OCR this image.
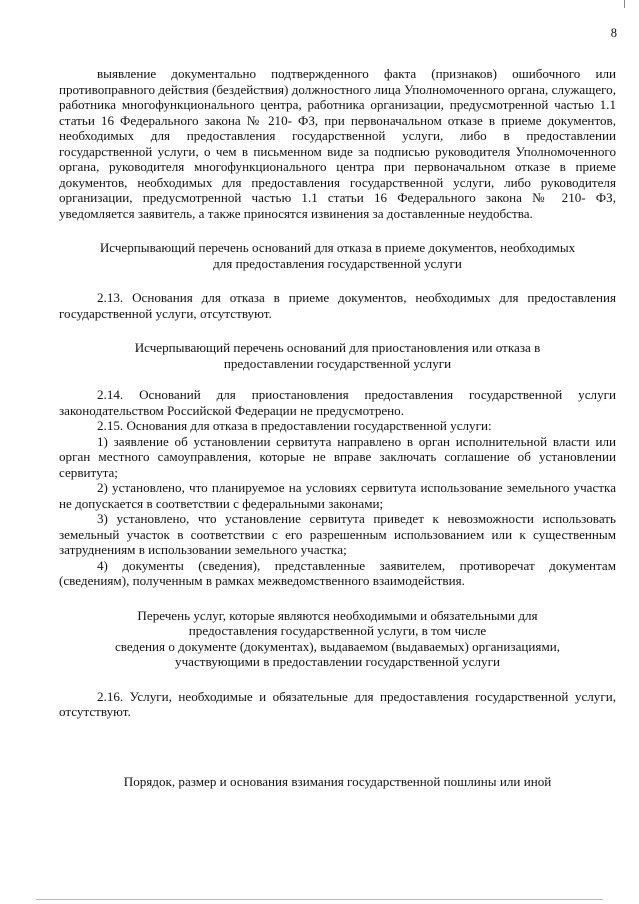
8

выявление документально подтвержденного факта (признаков) ошибочного или противоправного действия (бездействия) должностного лица Уполномоченного органа, служащего, работника многофункционального центра, работника организации, предусмотренной частью 1.1 статьи 16 Федерального закона № 210- ФЗ, при первоначальном отказе в приеме документов, необходимых для предоставления государственной услуги, либо в предоставлении государственной услуги, о чем в письменном виде за подписью руководителя Уполномоченного органа, руководителя многофункционального центра при первоначальном отказе в приеме документов, необходимых для предоставления государственной услуги, либо руководителя организации, предусмотренной частью 1.1 статьи 16 Федерального закона № 210- ФЗ, уведомляется заявитель, а также приносятся извинения за доставленные неудобства.

Исчерпывающий перечень оснований для отказа в приеме документов, необходимых
для предоставления государственной услуги

2.13. Основания для отказа в приеме документов, необходимых для предоставления государственной услуги, отсутствуют.

Исчерпывающий перечень оснований для приостановления или отказа в
предоставлении государственной услуги

2.14. Оснований для приостановления предоставления государственной услуги законодательством Российской Федерации не предусмотрено.

2.15. Основания для отказа в предоставлении государственной услуги:

1) заявление об установлении сервитута направлено в орган исполнительной власти или орган местного самоуправления, которые не вправе заключать соглашение об установлении сервитута;

2) установлено, что планируемое на условиях сервитута использование земельного участка не допускается в соответствии с федеральными законами;

3) установлено, что установление сервитута приведет к невозможности использовать земельный участок в соответствии с его разрешенным использованием или к существенным затруднениям в использовании земельного участка;

4) документы (сведения), представленные заявителем, противоречат документам (сведениям), полученным в рамках межведомственного взаимодействия.

Перечень услуг, которые являются необходимыми и обязательными для
предоставления государственной услуги, в том числе
сведения о документе (документах), выдаваемом (выдаваемых) организациями,
участвующими в предоставлении государственной услуги

2.16. Услуги, необходимые и обязательные для предоставления государственной услуги, отсутствуют.

Порядок, размер и основания взимания государственной пошлины или иной
